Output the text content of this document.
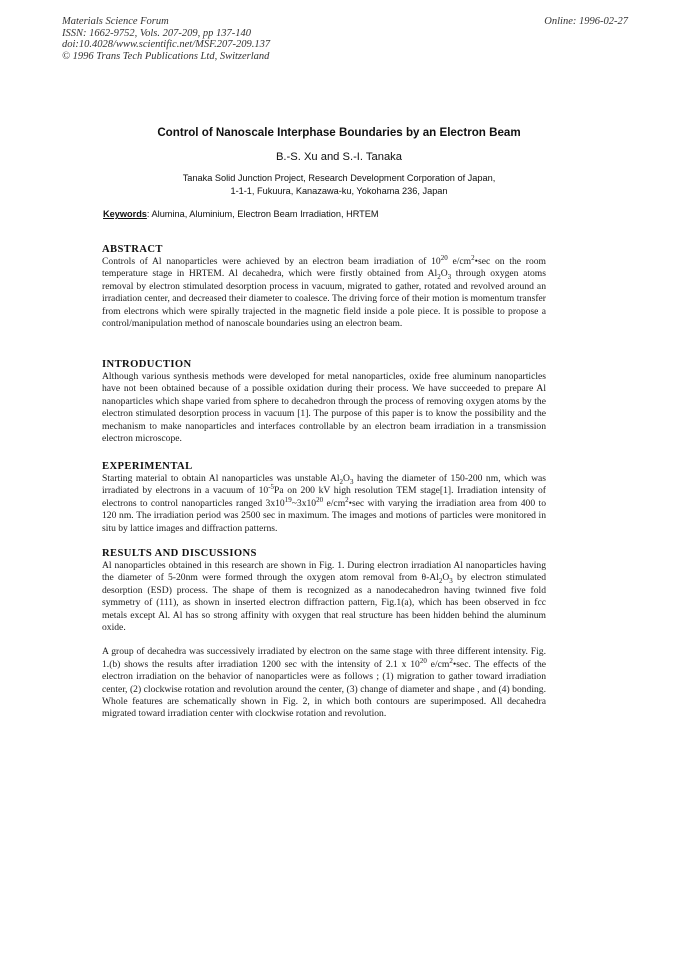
Materials Science Forum
ISSN: 1662-9752, Vols. 207-209, pp 137-140
doi:10.4028/www.scientific.net/MSF.207-209.137
© 1996 Trans Tech Publications Ltd, Switzerland
Online: 1996-02-27
Control of Nanoscale Interphase Boundaries by an Electron Beam
B.-S. Xu and S.-I. Tanaka
Tanaka Solid Junction Project, Research Development Corporation of Japan,
1-1-1, Fukuura, Kanazawa-ku, Yokohama 236, Japan
Keywords: Alumina, Aluminium, Electron Beam Irradiation, HRTEM
ABSTRACT

Controls of Al nanoparticles were achieved by an electron beam irradiation of $10^{20}$ $e/cm^2•\sec$ on the room temperature stage in HRTEM. Al decahedra, which were firstly obtained from $Al_2O_3$ through oxygen atoms removal by electron stimulated desorption process in vacuum, migrated to gather, rotated and revolved around an irradiation center, and decreased their diameter to coalesce. The driving force of their motion is momentum transfer from electrons which were spirally trajected in the magnetic field inside a pole piece. It is possible to propose a control/manipulation method of nanoscale boundaries using an electron beam.

INTRODUCTION

Although various synthesis methods were developed for metal nanoparticles, oxide free aluminum nanoparticles have not been obtained because of a possible oxidation during their process. We have succeeded to prepare Al nanoparticles which shape varied from sphere to decahedron through the process of removing oxygen atoms by the electron stimulated desorption process in vacuum [1]. The purpose of this paper is to know the possibility and the mechanism to make nanoparticles and interfaces controllable by an electron beam irradiation in a transmission electron microscope.

EXPERIMENTAL

Starting material to obtain Al nanoparticles was unstable $Al_2O_3$ having the diameter of 150-200 nm, which was irradiated by electrons in a vacuum of $10^{-5}Pa$ on 200 kV high resolution TEM stage[1]. Irradiation intensity of electrons to control nanoparticles ranged $3x10^{19}\sim 3x10^{20}$ $e/cm^2•\sec$ with varying the irradiation area from 400 to 120 nm. The irradiation period was 2500 sec in maximum. The images and motions of particles were monitored in situ by lattice images and diffraction patterns.

RESULTS AND DISCUSSIONS

Al nanoparticles obtained in this research are shown in Fig. 1. During electron irradiation Al nanoparticles having the diameter of 5-20nm were formed through the oxygen atom removal from $\theta-Al_2O_3$ by electron stimulated desorption (ESD) process. The shape of them is recognized as a nanodecahedron having twinned five fold symmetry of (111), as shown in inserted electron diffraction pattern, Fig.1(a), which has been observed in fcc metals except Al. Al has so strong affinity with oxygen that real structure has been hidden behind the aluminum oxide.

A group of decahedra was successively irradiated by electron on the same stage with three different intensity. Fig. 1.(b) shows the results after irradiation 1200 sec with the intensity of 2.1 x $10^{20}$ $e/cm^2•\sec$. The effects of the electron irradiation on the behavior of nanoparticles were as follows ; (1) migration to gather toward irradiation center, (2) clockwise rotation and revolution around the center, (3) change of diameter and shape , and (4) bonding. Whole features are schematically shown in Fig. 2, in which both contours are superimposed. All decahedra migrated toward irradiation center with clockwise rotation and revolution.
